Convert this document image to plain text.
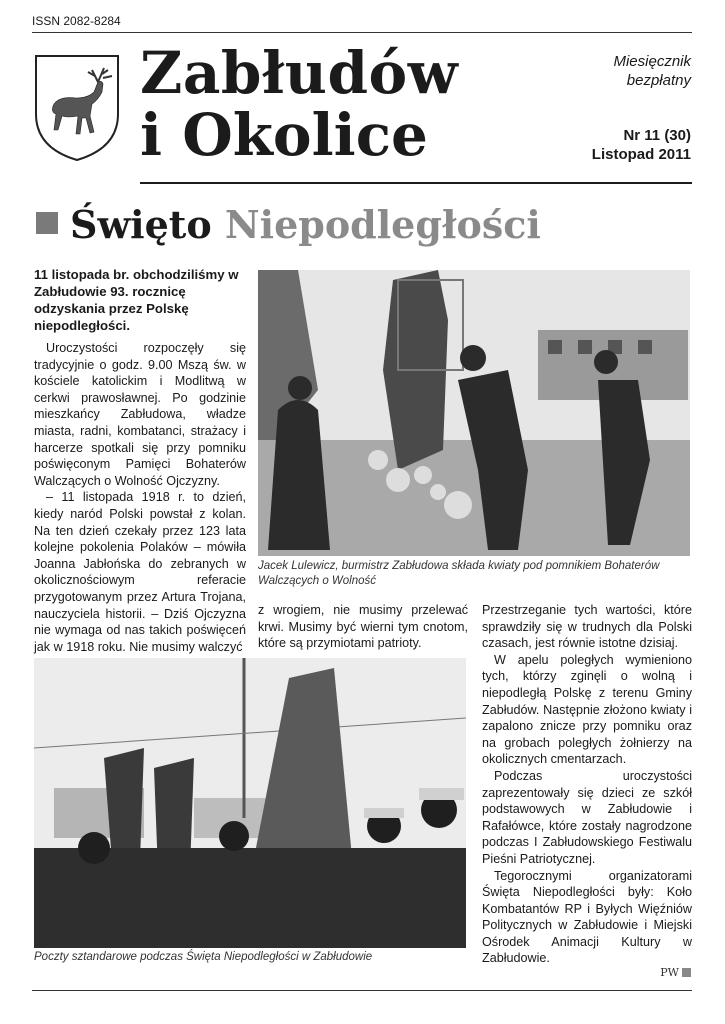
ISSN 2082-8284
Zabłudów
i Okolice
Miesięcznik
bezpłatny
Nr 11 (30)
Listopad 2011
Święto Niepodległości
11 listopada br. obchodziliśmy w Zabłudowie 93. rocznicę odzyskania przez Polskę niepodległości.

Uroczystości rozpoczęły się tradycyjnie o godz. 9.00 Mszą św. w kościele katolickim i Modlitwą w cerkwi prawosławnej. Po godzinie mieszkańcy Zabłudowa, władze miasta, radni, kombatanci, strażacy i harcerze spotkali się przy pomniku poświęconym Pamięci Bohaterów Walczących o Wolność Ojczyzny.

– 11 listopada 1918 r. to dzień, kiedy naród Polski powstał z kolan. Na ten dzień czekały przez 123 lata kolejne pokolenia Polaków – mówiła Joanna Jabłońska do zebranych w okolicznościowym referacie przygotowanym przez Artura Trojana, nauczyciela historii. – Dziś Ojczyzna nie wymaga od nas takich poświęceń jak w 1918 roku. Nie musimy walczyć

Jacek Lulewicz, burmistrz Zabłudowa składa kwiaty pod pomnikiem Bohaterów Walczących o Wolność

z wrogiem, nie musimy przelewać krwi. Musimy być wierni tym cnotom, które są przymiotami patrioty.

Przestrzeganie tych wartości, które sprawdziły się w trudnych dla Polski czasach, jest równie istotne dzisiaj.

W apelu poległych wymieniono tych, którzy zginęli o wolną i niepodległą Polskę z terenu Gminy Zabłudów. Następnie złożono kwiaty i zapalono znicze przy pomniku oraz na grobach poległych żołnierzy na okolicznych cmentarzach.

Podczas uroczystości zaprezentowały się dzieci ze szkół podstawowych w Zabłudowie i Rafałówce, które zostały nagrodzone podczas I Zabłudowskiego Festiwalu Pieśni Patriotycznej.

Tegorocznymi organizatorami Święta Niepodległości były: Koło Kombatantów RP i Byłych Więźniów Politycznych w Zabłudowie i Miejski Ośrodek Animacji Kultury w Zabłudowie.

Poczty sztandarowe podczas Święta Niepodległości w Zabłudowie
PW
